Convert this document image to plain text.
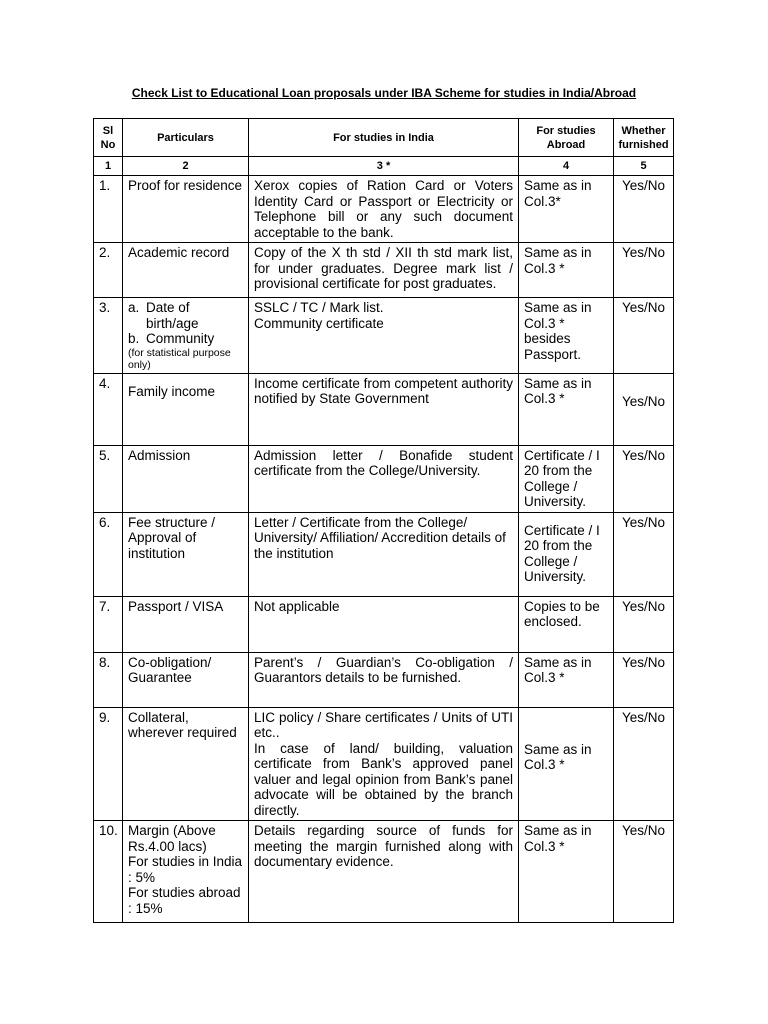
Check List to Educational Loan proposals under IBA Scheme for studies in India/Abroad
Sl No	Particulars	For studies in India	For studies Abroad	Whether furnished
1	2	3 *	4	5
1.	Proof for residence	Xerox copies of Ration Card or Voters Identity Card or Passport or Electricity or Telephone bill or any such document acceptable to the bank.	Same as in Col.3*	Yes/No
2.	Academic record	Copy of the X th std / XII th std mark list, for under graduates. Degree mark list / provisional certificate for post graduates.	Same as in Col.3 *	Yes/No
3.	a. Date of
birth/age
b. Community
(for statistical purpose only)	SSLC / TC / Mark list.
Community certificate	Same as in Col.3 * besides Passport.	Yes/No
4.	Family income	Income certificate from competent authority notified by State Government	Same as in Col.3 *	Yes/No
5.	Admission	Admission letter / Bonafide student certificate from the College/University.	Certificate / I 20 from the College / University.	Yes/No
6.	Fee structure /
Approval of institution	Letter / Certificate from the College/ University/ Affiliation/ Accredition details of the institution	Certificate / I 20 from the College / University.	Yes/No
7.	Passport / VISA	Not applicable	Copies to be enclosed.	Yes/No
8.	Co-obligation/ Guarantee	Parent’s / Guardian’s Co-obligation / Guarantors details to be furnished.	Same as in Col.3 *	Yes/No
9.	Collateral, wherever required	LIC policy / Share certificates / Units of UTI etc..
In case of land/ building, valuation certificate from Bank’s approved panel valuer and legal opinion from Bank’s panel advocate will be obtained by the branch directly.	Same as in Col.3 *	Yes/No
10.	Margin (Above Rs.4.00 lacs)
For studies in India : 5%
For studies abroad : 15%	Details regarding source of funds for meeting the margin furnished along with documentary evidence.	Same as in Col.3 *	Yes/No
